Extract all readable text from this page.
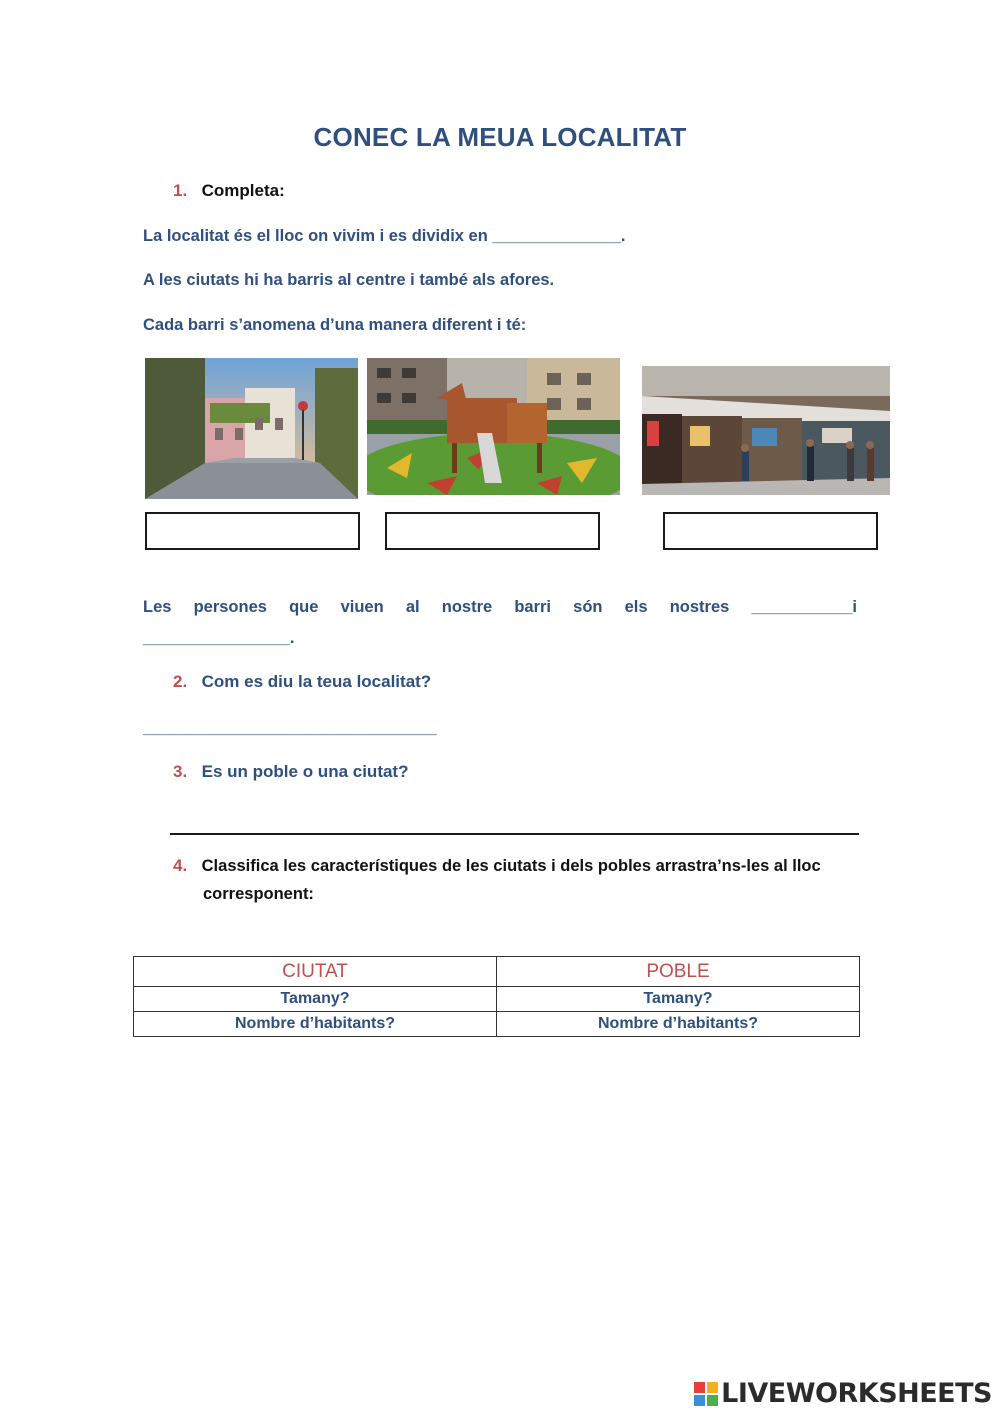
CONEC LA MEUA LOCALITAT
1. Completa:
La localitat és el lloc on vivim i es dividix en ______________.
A les ciutats hi ha barris al centre i també als afores.
Cada barri s’anomena d’una manera diferent i té:
Les persones que viuen al nostre barri són els nostres ___________i
________________.
2. Com es diu la teua localitat?
________________________________
3. Es un poble o una ciutat?
4. Classifica les característiques de les ciutats i dels pobles arrastra’ns-les al lloc
corresponent:
CIUTAT	POBLE
Tamany?	Tamany?
Nombre d’habitants?	Nombre d’habitants?
LIVEWORKSHEETS
